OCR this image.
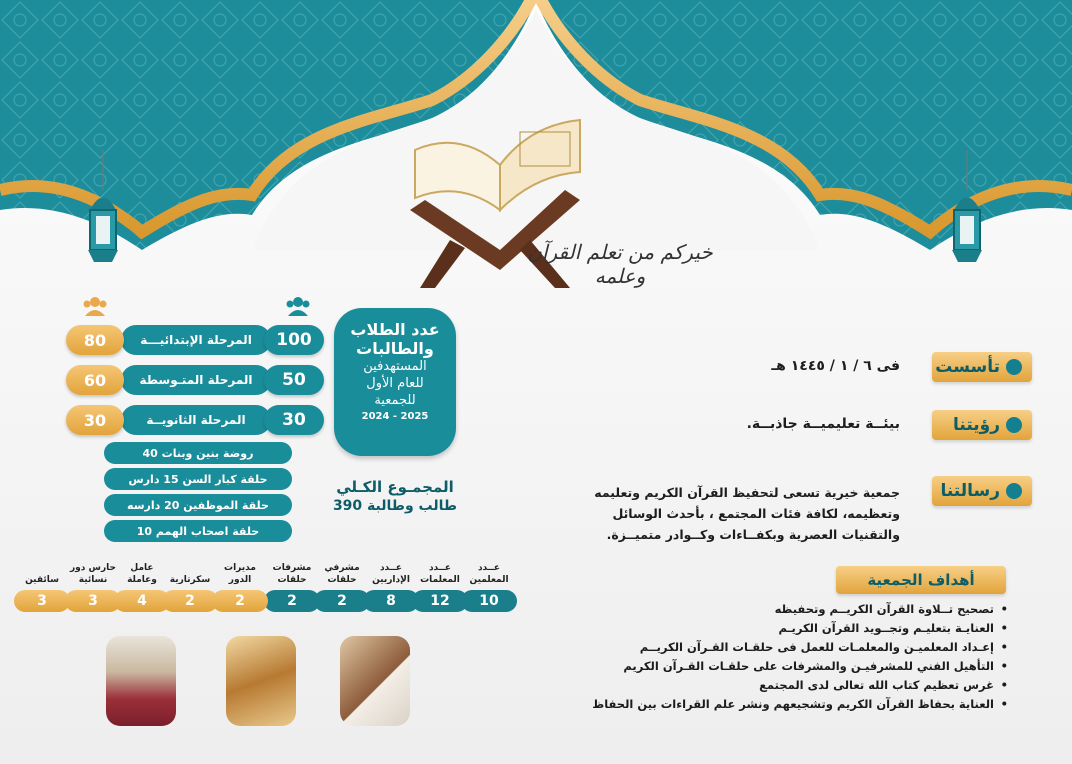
خيركم من تعلم القرآن وعلمه
المرحلة الإبتدائيـــة
80	100
المرحلة المتـوسطة
60	50
المرحلة الثانويــة
30	30
عدد الطلاب
والطالبات
المستهدفين
للعام الأول
للجمعية
2024 - 2025
روضة بنين وبنات 40
حلقة كبار السن 15 دارس
حلقة الموظفين 20 دارسه
حلقة اصحاب الهمم 10
المجمـوع الكـلي
390 طالب وطالبة
عــدد المعلمين
10
عــدد المعلمات
12
عــدد الإداريين
8
مشرفي حلقات
2
مشرفات حلقات
2
مديرات الدور
2
سكرتارية
2
عامل وعاملة
4
حارس دور نسائية
3
سائقين
3
تأسست
فى ٦ / ١ / ١٤٤٥ هـ
رؤيتنا
بيئــة تعليميــة جاذبــة.
رسالتنا
جمعية خيرية تسعى لتحفيظ القرآن الكريم وتعليمه
وتعظيمه، لكافة فئات المجتمع ، بأحدث الوسائل
والتقنيات العصرية وبكفــاءات وكــوادر متميــزة.
أهداف الجمعية
• تصحيح تــلاوة القرآن الكريــم وتحفيظه
• العنايـة بتعليـم وتجــويد القرآن الكريـم
• إعـداد المعلميـن والمعلمـات للعمل فى حلقـات القـرآن الكريــم
• التأهيل الفني للمشرفيـن والمشرفات على حلقـات القـرآن الكريم
• غرس تعظيم كتاب الله تعالى لدى المجتمع
• العناية بحفاظ القرآن الكريم وتشجيعهم ونشر علم القراءات بين الحفاظ
